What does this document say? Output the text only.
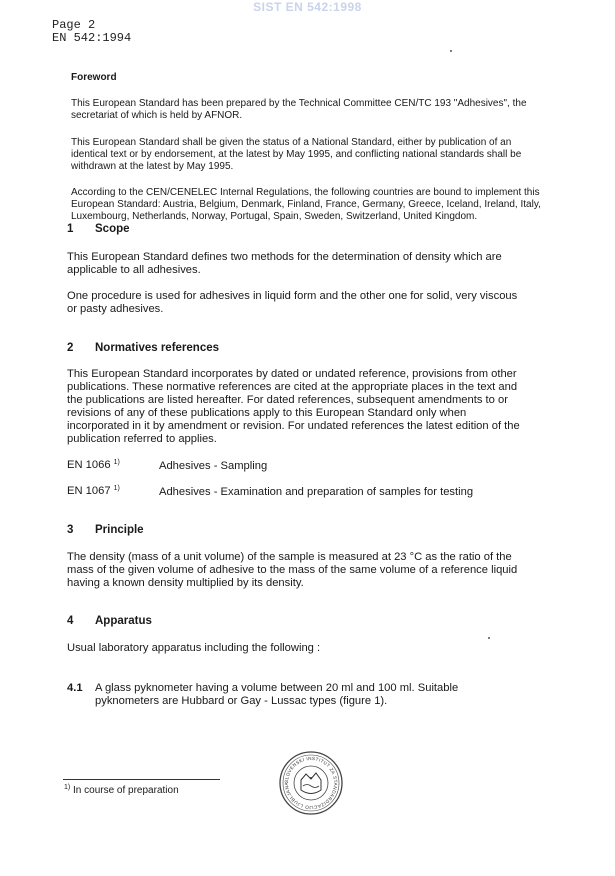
SIST EN 542:1998
Page 2
EN 542:1994
Foreword
This European Standard has been prepared by the Technical Committee CEN/TC 193 "Adhesives", the
secretariat of which is held by AFNOR.
This European Standard shall be given the status of a National Standard, either by publication of an
identical text or by endorsement, at the latest by May 1995, and conflicting national standards shall be
withdrawn at the latest by May 1995.
According to the CEN/CENELEC Internal Regulations, the following countries are bound to implement this
European Standard: Austria, Belgium, Denmark, Finland, France, Germany, Greece, Iceland, Ireland, Italy,
Luxembourg, Netherlands, Norway, Portugal, Spain, Sweden, Switzerland, United Kingdom.
1 Scope
This European Standard defines two methods for the determination of density which are
applicable to all adhesives.
One procedure is used for adhesives in liquid form and the other one for solid, very viscous
or pasty adhesives.
2 Normatives references
This European Standard incorporates by dated or undated reference, provisions from other
publications. These normative references are cited at the appropriate places in the text and
the publications are listed hereafter. For dated references, subsequent amendments to or
revisions of any of these publications apply to this European Standard only when
incorporated in it by amendment or revision. For undated references the latest edition of the
publication referred to applies.
EN 1066 $^{1)}$	Adhesives - Sampling
EN 1067 $^{1)}$	Adhesives - Examination and preparation of samples for testing
3 Principle
The density (mass of a unit volume) of the sample is measured at 23 °C as the ratio of the
mass of the given volume of adhesive to the mass of the same volume of a reference liquid
having a known density multiplied by its density.
4 Apparatus
Usual laboratory apparatus including the following :
4.1 A glass pyknometer having a volume between 20 ml and 100 ml. Suitable
pyknometers are Hubbard or Gay - Lussac types (figure 1).
$^{1)}$ In course of preparation
SLOVENSKI INSTITUT ZA STANDARDIZACIJO LJUBLJANA
